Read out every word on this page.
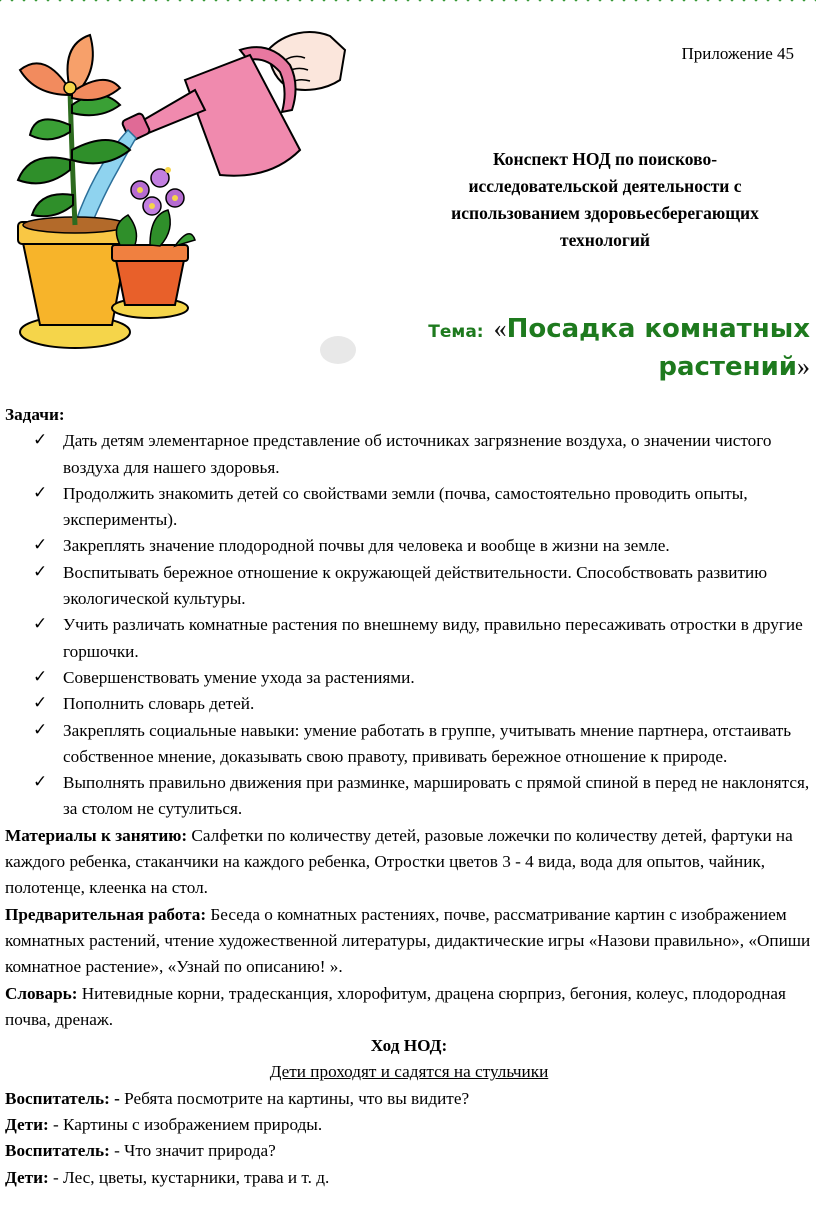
Приложение 45
Конспект НОД по поисково-исследовательской деятельности с использованием здоровьесберегающих технологий
Тема: «Посадка комнатных растений»

Задачи:

✓ Дать детям элементарное представление об источниках загрязнение воздуха, о значении чистого воздуха для нашего здоровья.
✓ Продолжить знакомить детей со свойствами земли (почва, самостоятельно проводить опыты, эксперименты).
✓ Закреплять значение плодородной почвы для человека и вообще в жизни на земле.
✓ Воспитывать бережное отношение к окружающей действительности. Способствовать развитию экологической культуры.
✓ Учить различать комнатные растения по внешнему виду, правильно пересаживать отростки в другие горшочки.
✓ Совершенствовать умение ухода за растениями.
✓ Пополнить словарь детей.
✓ Закреплять социальные навыки: умение работать в группе, учитывать мнение партнера, отстаивать собственное мнение, доказывать свою правоту, прививать бережное отношение к природе.
✓ Выполнять правильно движения при разминке, маршировать с прямой спиной в перед не наклонятся, за столом не сутулиться.

Материалы к занятию: Салфетки по количеству детей, разовые ложечки по количеству детей, фартуки на каждого ребенка, стаканчики на каждого ребенка, Отростки цветов 3 - 4 вида, вода для опытов, чайник, полотенце, клеенка на стол.

Предварительная работа: Беседа о комнатных растениях, почве, рассматривание картин с изображением комнатных растений, чтение художественной литературы, дидактические игры «Назови правильно», «Опиши комнатное растение», «Узнай по описанию! ».

Словарь: Нитевидные корни, традесканция, хлорофитум, драцена сюрприз, бегония, колеус, плодородная почва, дренаж.

Ход НОД:

Дети проходят и садятся на стульчики

Воспитатель: - Ребята посмотрите на картины, что вы видите?

Дети: - Картины с изображением природы.

Воспитатель: - Что значит природа?

Дети: - Лес, цветы, кустарники, трава и т. д.
